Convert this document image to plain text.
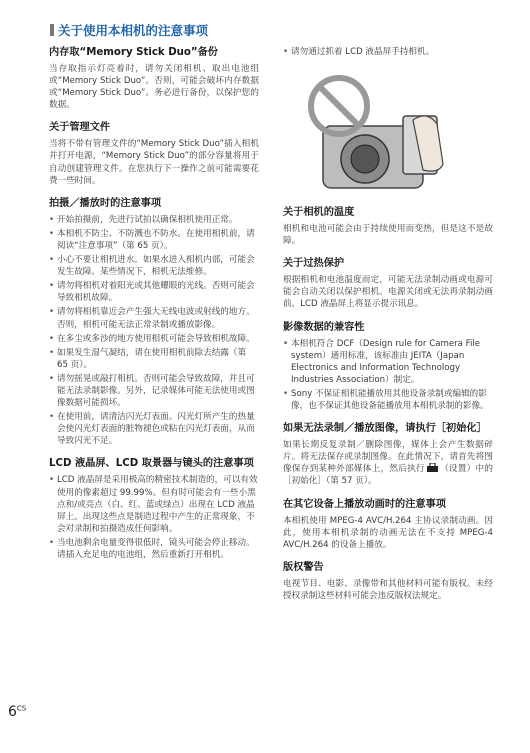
关于使用本相机的注意事项
内存取“Memory Stick Duo”备份

当存取指示灯亮着时，请勿关闭相机、取出电池组或“Memory Stick Duo”。否则，可能会破坏内存数据或“Memory Stick Duo”。务必进行备份，以保护您的数据。

关于管理文件

当将不带有管理文件的“Memory Stick Duo”插入相机并打开电源，“Memory Stick Duo”的部分容量将用于自动创建管理文件。在您执行下一操作之前可能需要花费一些时间。

拍摄／播放时的注意事项
• 开始拍摄前，先进行试拍以确保相机使用正常。
• 本相机不防尘、不防溅也不防水。在使用相机前，请阅读“注意事项”（第 65 页）。
• 小心不要让相机进水。如果水进入相机内部，可能会发生故障。某些情况下，相机无法维修。
• 请勿将相机对着阳光或其他耀眼的光线。否则可能会导致相机故障。
• 请勿将相机靠近会产生强大无线电波或射线的地方。否则，相机可能无法正常录制或播放影像。
• 在多尘或多沙的地方使用相机可能会导致相机故障。
• 如果发生湿气凝结，请在使用相机前除去结露（第 65 页）。
• 请勿摇晃或敲打相机。否则可能会导致故障，并且可能无法录制影像。另外，记录媒体可能无法使用或图像数据可能损坏。
• 在使用前，请清洁闪光灯表面。闪光灯所产生的热量会使闪光灯表面的脏物褪色或粘在闪光灯表面，从而导致闪光不足。
LCD 液晶屏、LCD 取景器与镜头的注意事项
• LCD 液晶屏是采用极高的精密技术制造的，可以有效使用的像素超过 99.99%。但有时可能会有一些小黑点和/或亮点（白、红、蓝或绿点）出现在 LCD 液晶屏上。出现这些点是制造过程中产生的正常现象，不会对录制和拍摄造成任何影响。
• 当电池剩余电量变得很低时，镜头可能会停止移动。请插入充足电的电池组，然后重新打开相机。
• 请勿通过抓着 LCD 液晶屏手持相机。
关于相机的温度

相机和电池可能会由于持续使用而变热，但是这不是故障。

关于过热保护

根据相机和电池温度而定，可能无法录制动画或电源可能会自动关闭以保护相机。电源关闭或无法再录制动画前，LCD 液晶屏上将显示提示讯息。

影像数据的兼容性
• 本相机符合 DCF（Design rule for Camera File system）通用标准，该标准由 JEITA（Japan Electronics and Information Technology Industries Association）制定。
• Sony 不保证相机能播放用其他设备录制或编辑的影像，也不保证其他设备能播放用本相机录制的影像。
如果无法录制／播放图像，请执行［初始化］

如果长期反复录制／删除图像，媒体上会产生数据碎片。将无法保存或录制图像。在此情况下，请首先将图像保存到某种外部媒体上，然后执行 （设置）中的［初始化］（第 57 页）。

在其它设备上播放动画时的注意事项

本相机使用 MPEG-4 AVC/H.264 主协议录制动画。因此，使用本相机录制的动画无法在不支持 MPEG-4 AVC/H.264 的设备上播放。

版权警告

电视节目、电影、录像带和其他材料可能有版权。未经授权录制这些材料可能会违反版权法规定。

$6^{CS}$
